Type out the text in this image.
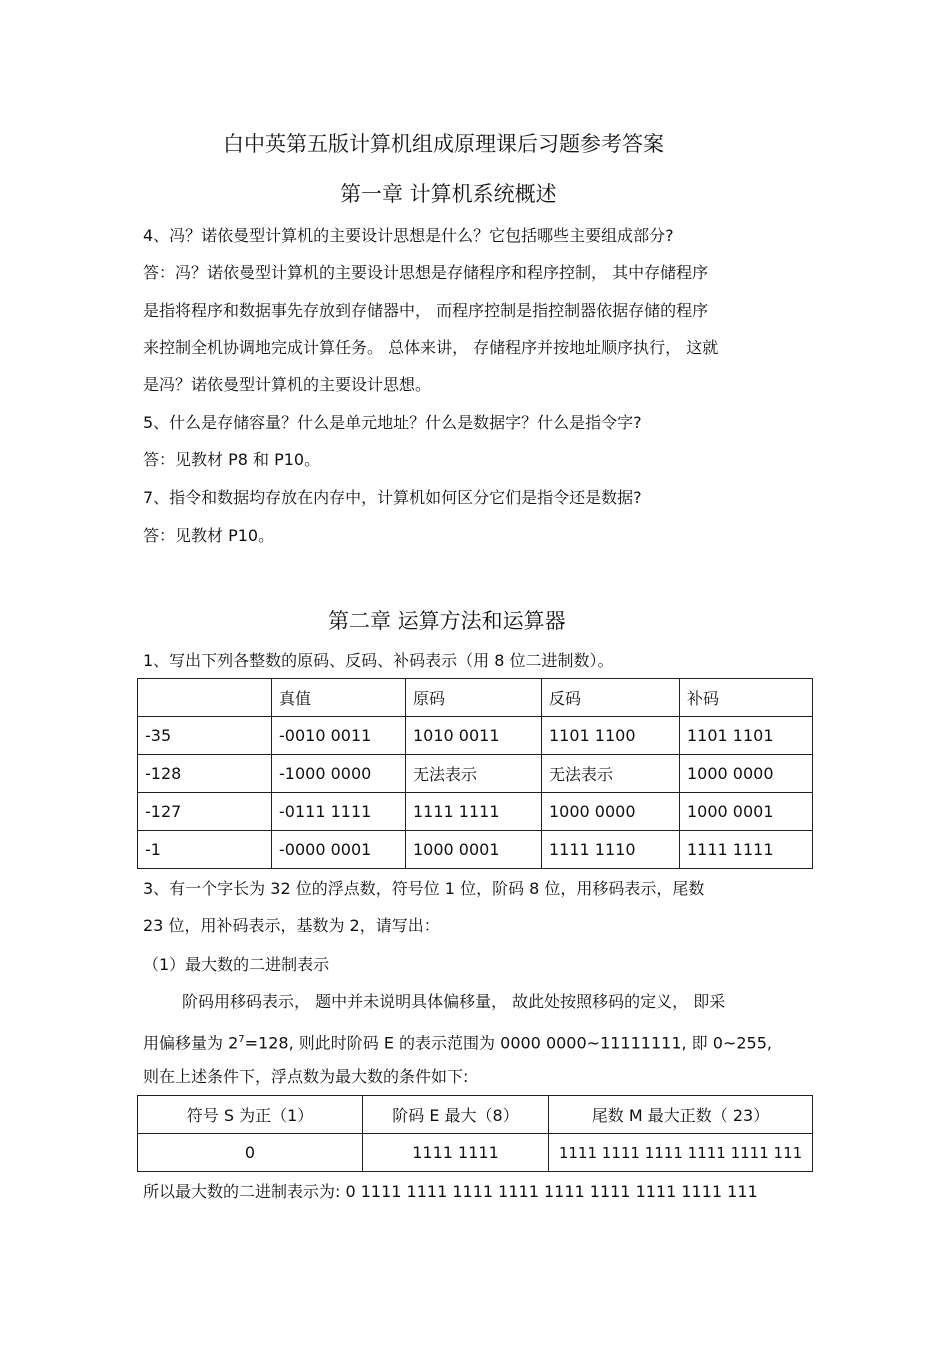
白中英第五版计算机组成原理课后习题参考答案
第一章 计算机系统概述
4、冯？诺依曼型计算机的主要设计思想是什么？它包括哪些主要组成部分?
答：冯？诺依曼型计算机的主要设计思想是存储程序和程序控制， 其中存储程序
是指将程序和数据事先存放到存储器中， 而程序控制是指控制器依据存储的程序
来控制全机协调地完成计算任务。 总体来讲， 存储程序并按地址顺序执行， 这就
是冯？诺依曼型计算机的主要设计思想。
5、什么是存储容量？什么是单元地址？什么是数据字？什么是指令字?
答：见教材 P8 和 P10。
7、指令和数据均存放在内存中，计算机如何区分它们是指令还是数据?
答：见教材 P10。
第二章 运算方法和运算器
1、写出下列各整数的原码、反码、补码表示（用 8 位二进制数）。
	真值	原码	反码	补码
-35	-0010 0011	1010 0011	1101 1100	1101 1101
-128	-1000 0000	无法表示	无法表示	1000 0000
-127	-0111 1111	1111 1111	1000 0000	1000 0001
-1	-0000 0001	1000 0001	1111 1110	1111 1111
3、有一个字长为 32 位的浮点数，符号位 1 位，阶码 8 位，用移码表示，尾数
23 位，用补码表示，基数为 2，请写出：
（1）最大数的二进制表示
阶码用移码表示， 题中并未说明具体偏移量， 故此处按照移码的定义， 即采
用偏移量为 $2^7=128$, 则此时阶码 E 的表示范围为 0000 0000~11111111, 即 0~255,
则在上述条件下，浮点数为最大数的条件如下:
符号 S 为正（1）	阶码 E 最大（8）	尾数 M 最大正数（ 23）
0	1111 1111	1111 1111 1111 1111 1111 111
所以最大数的二进制表示为: 0 1111 1111 1111 1111 1111 1111 1111 1111 111
